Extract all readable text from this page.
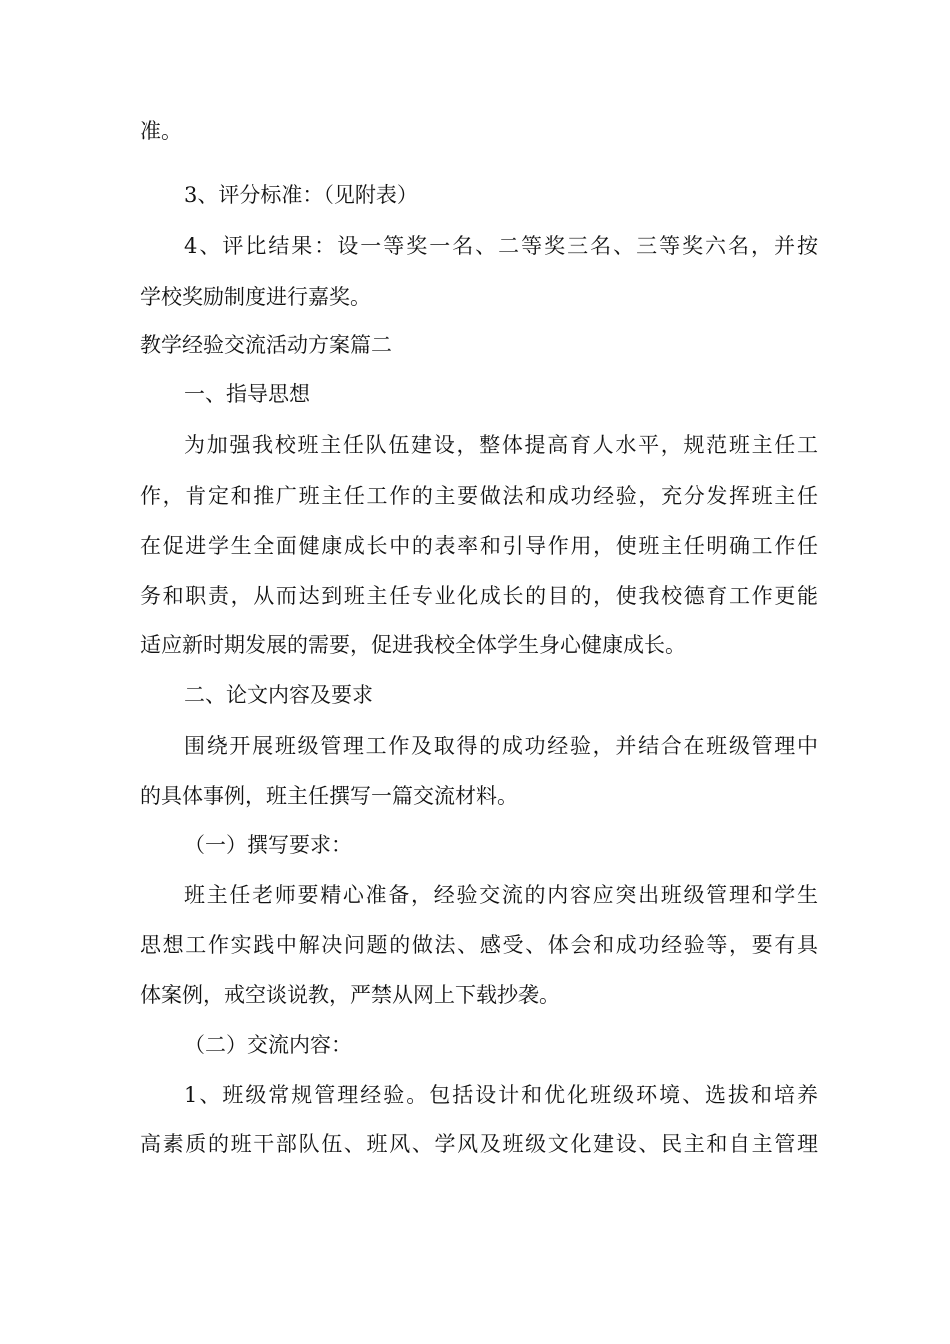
准。
3、评分标准：（见附表）
4、评比结果：设一等奖一名、二等奖三名、三等奖六名，并按
学校奖励制度进行嘉奖。
教学经验交流活动方案篇二
一、指导思想
为加强我校班主任队伍建设，整体提高育人水平，规范班主任工
作，肯定和推广班主任工作的主要做法和成功经验，充分发挥班主任
在促进学生全面健康成长中的表率和引导作用，使班主任明确工作任
务和职责，从而达到班主任专业化成长的目的，使我校德育工作更能
适应新时期发展的需要，促进我校全体学生身心健康成长。
二、论文内容及要求
围绕开展班级管理工作及取得的成功经验，并结合在班级管理中
的具体事例，班主任撰写一篇交流材料。
（一）撰写要求：
班主任老师要精心准备，经验交流的内容应突出班级管理和学生
思想工作实践中解决问题的做法、感受、体会和成功经验等，要有具
体案例，戒空谈说教，严禁从网上下载抄袭。
（二）交流内容：
1、班级常规管理经验。包括设计和优化班级环境、选拔和培养
高素质的班干部队伍、班风、学风及班级文化建设、民主和自主管理
